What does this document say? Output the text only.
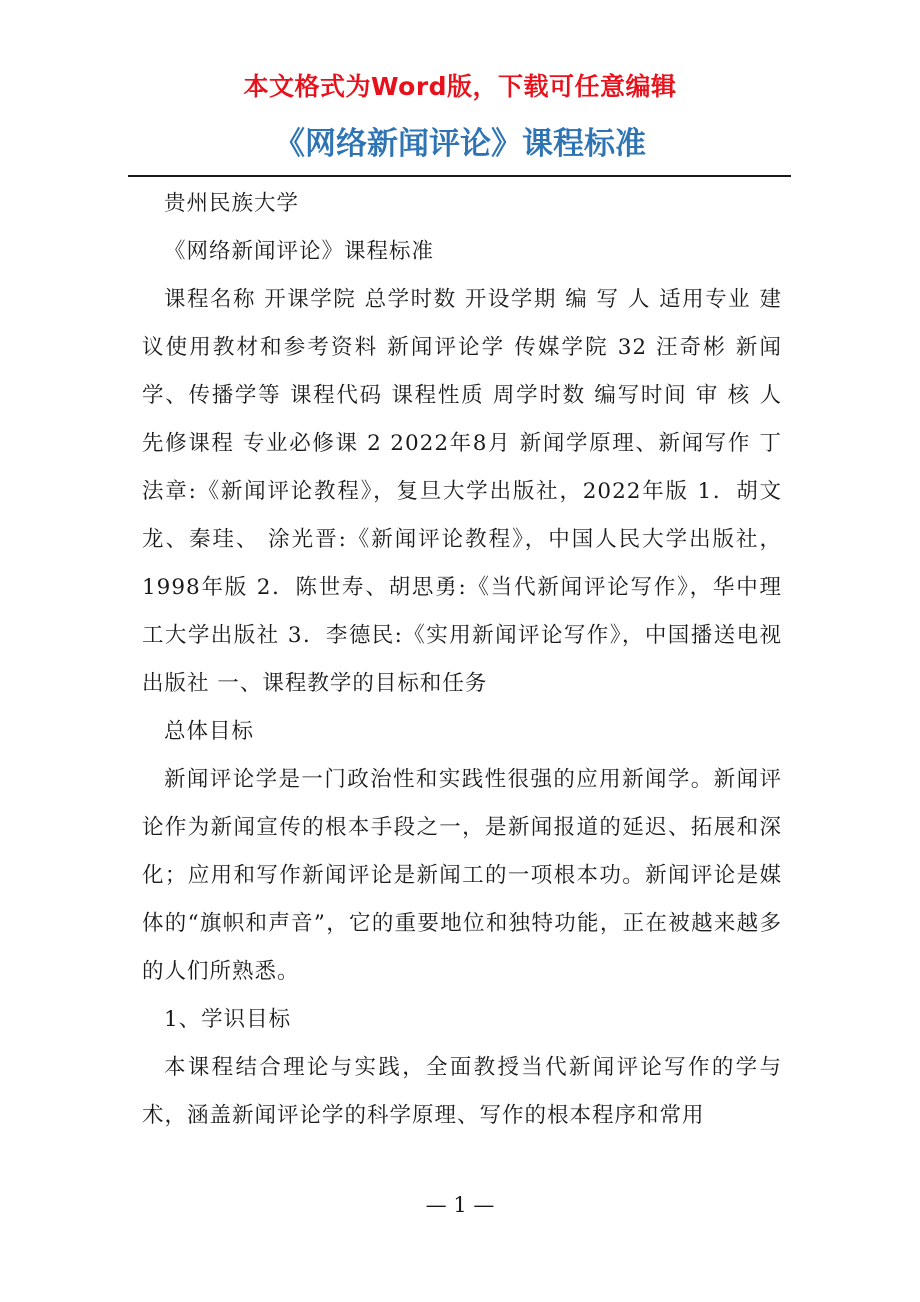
本文格式为Word版，下载可任意编辑
《网络新闻评论》课程标准

贵州民族大学

《网络新闻评论》课程标准

课程名称 开课学院 总学时数 开设学期 编 写 人 适用专业 建议使用教材和参考资料 新闻评论学 传媒学院 32 汪奇彬 新闻学、传播学等 课程代码 课程性质 周学时数 编写时间 审 核 人 先修课程 专业必修课 2 2022年8月 新闻学原理、新闻写作 丁法章:《新闻评论教程》，复旦大学出版社，2022年版 1．胡文龙、秦珪、 涂光晋:《新闻评论教程》，中国人民大学出版社， 1998年版 2．陈世寿、胡思勇:《当代新闻评论写作》，华中理工大学出版社 3．李德民:《实用新闻评论写作》，中国播送电视出版社 一、课程教学的目标和任务

总体目标

新闻评论学是一门政治性和实践性很强的应用新闻学。新闻评论作为新闻宣传的根本手段之一，是新闻报道的延迟、拓展和深化；应用和写作新闻评论是新闻工的一项根本功。新闻评论是媒体的“旗帜和声音”，它的重要地位和独特功能，正在被越来越多的人们所熟悉。

1、学识目标

本课程结合理论与实践，全面教授当代新闻评论写作的学与术，涵盖新闻评论学的科学原理、写作的根本程序和常用

— 1 —
